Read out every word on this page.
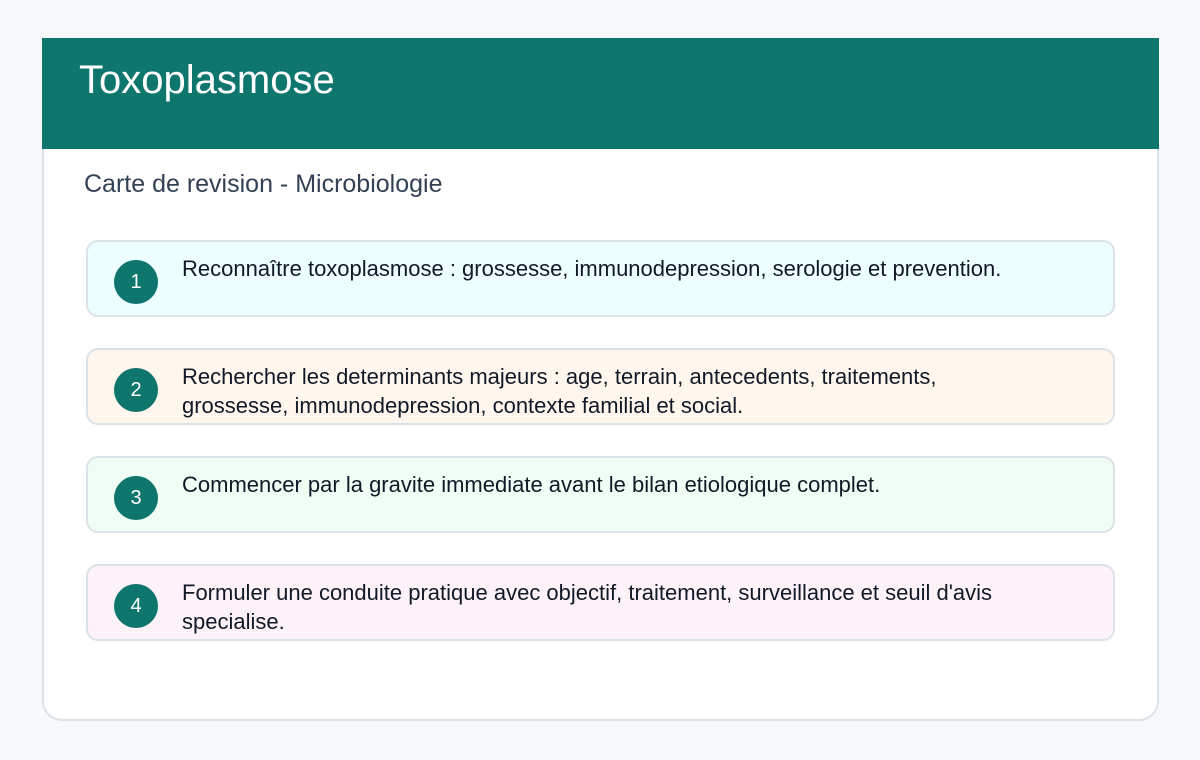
Toxoplasmose
Carte de revision - Microbiologie
1
Reconnaître toxoplasmose : grossesse, immunodepression, serologie et prevention.
2
Rechercher les determinants majeurs : age, terrain, antecedents, traitements, grossesse, immunodepression, contexte familial et social.
3
Commencer par la gravite immediate avant le bilan etiologique complet.
4
Formuler une conduite pratique avec objectif, traitement, surveillance et seuil d'avis specialise.
